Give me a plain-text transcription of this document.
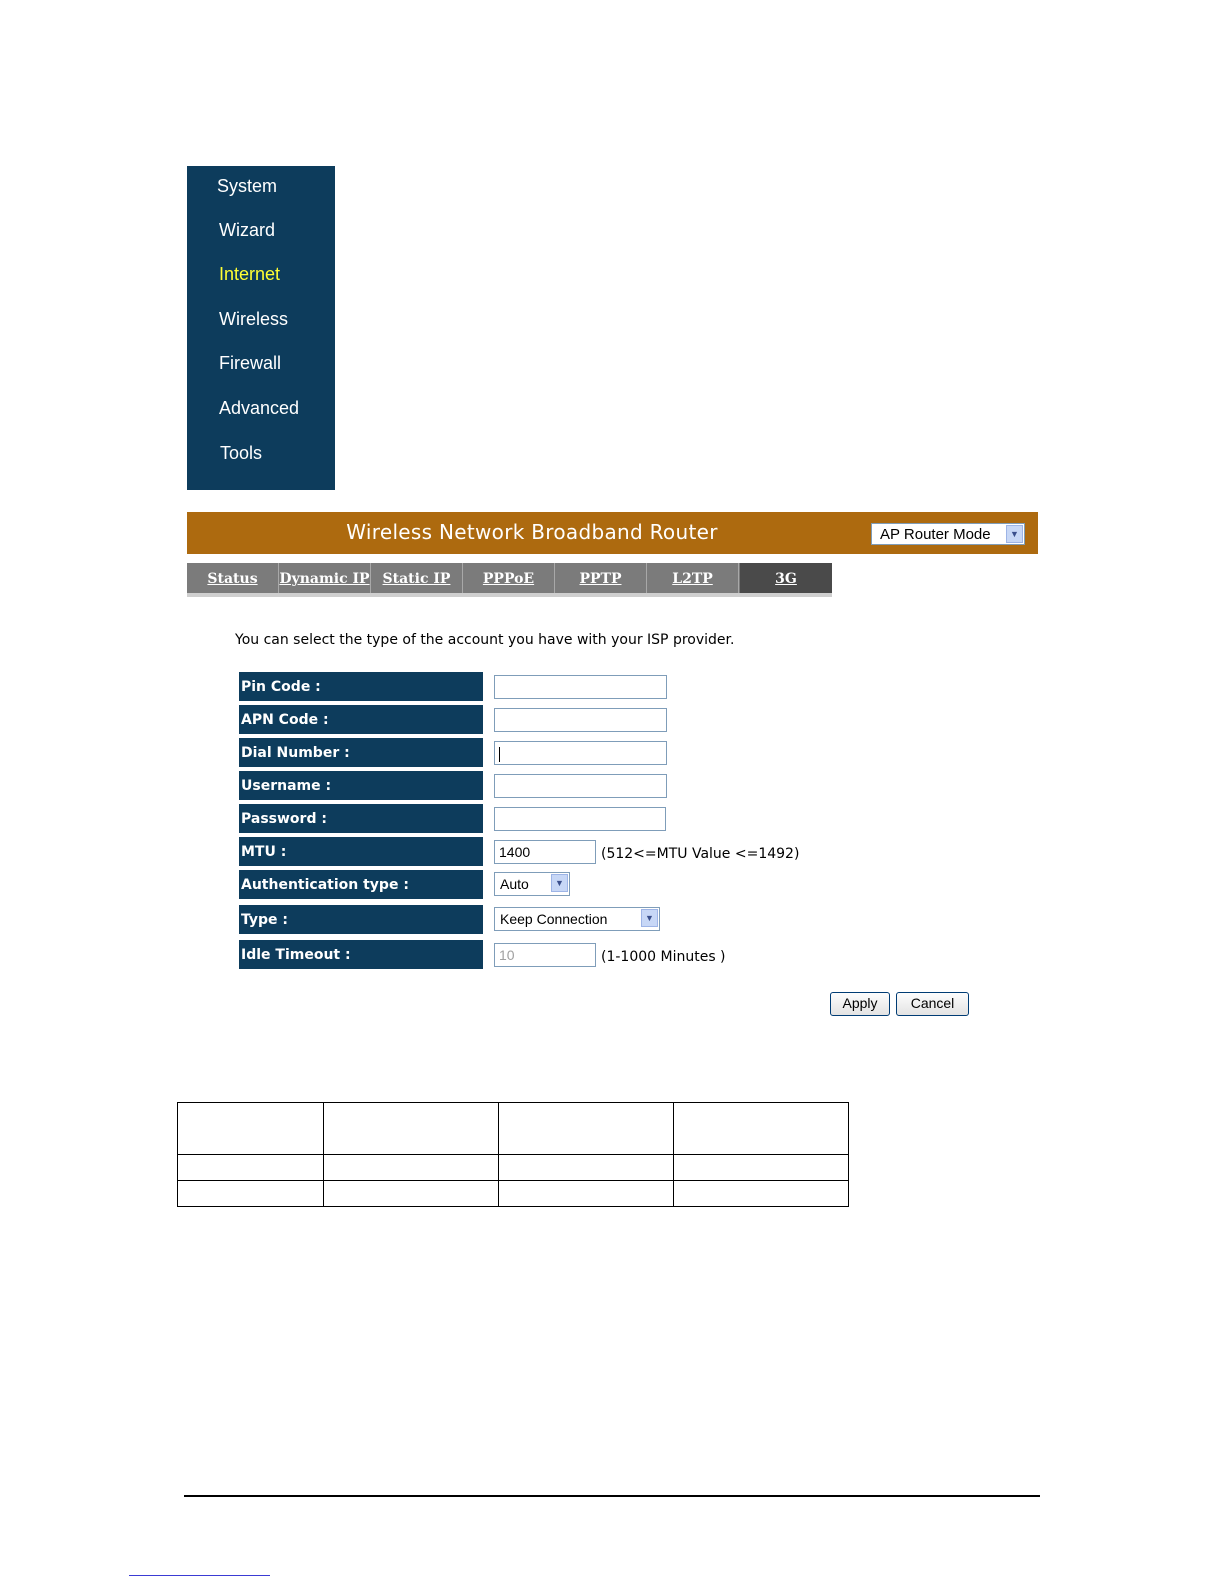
System
Wizard
Internet
Wireless
Firewall
Advanced
Tools
Wireless Network Broadband Router	AP Router Mode	▼
Status	Dynamic IP Static IP	PPPoE	PPTP	L2TP	3G
You can select the type of the account you have with your ISP provider.
Pin Code :
APN Code :
Dial Number :
Username :
Password :
MTU :	1400	(512<=MTU Value <=1492)
Authentication type :	Auto	▼
Type :	Keep Connection	▼
Idle Timeout :	10	(1-1000 Minutes )
Apply	Cancel
